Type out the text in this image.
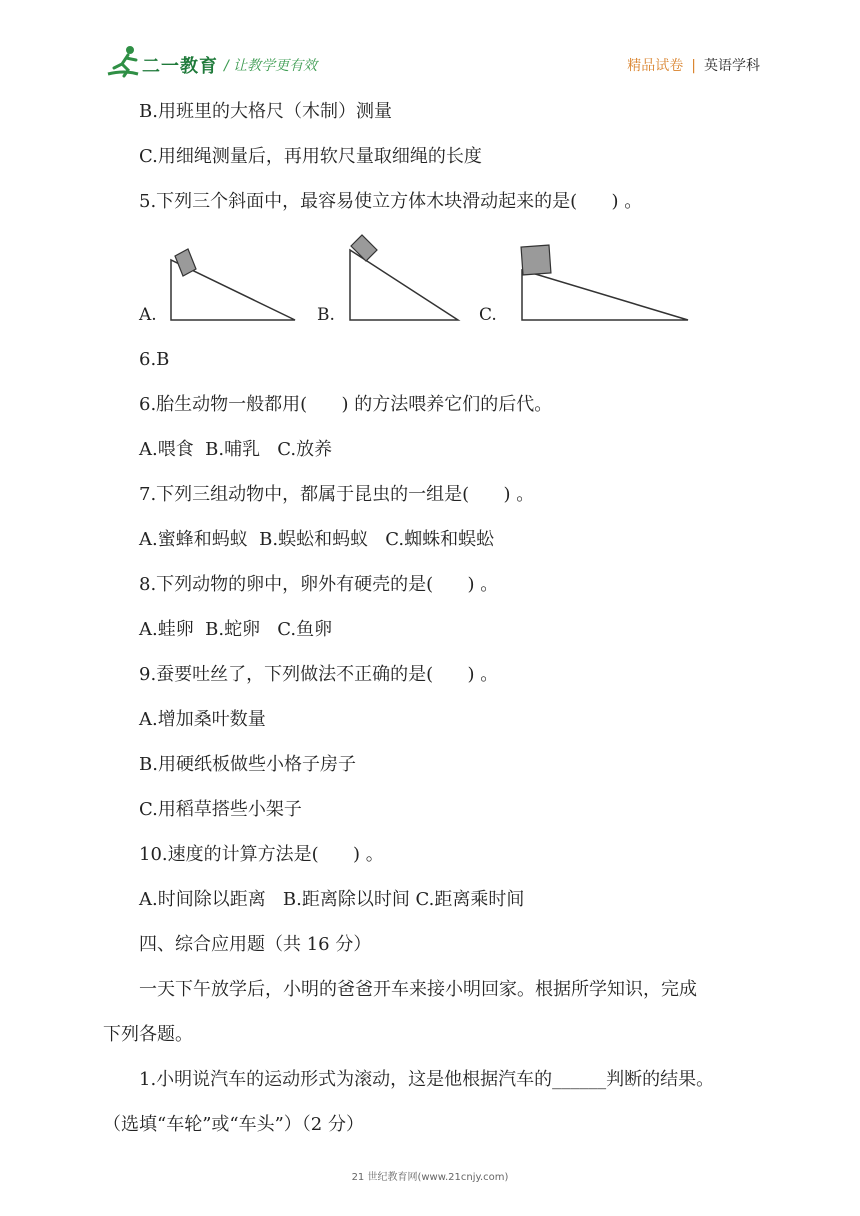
二一教育 / 让教学更有效	精品试卷 | 英语学科
B.用班里的大格尺（木制）测量
C.用细绳测量后，再用软尺量取细绳的长度
5.下列三个斜面中，最容易使立方体木块滑动起来的是(      ) 。
A.	B.	C.
6.B
6.胎生动物一般都用(      ) 的方法喂养它们的后代。
A.喂食  B.哺乳   C.放养
7.下列三组动物中，都属于昆虫的一组是(      ) 。
A.蜜蜂和蚂蚁  B.蜈蚣和蚂蚁   C.蜘蛛和蜈蚣
8.下列动物的卵中，卵外有硬壳的是(      ) 。
A.蛙卵  B.蛇卵   C.鱼卵
9.蚕要吐丝了，下列做法不正确的是(      ) 。
A.增加桑叶数量
B.用硬纸板做些小格子房子
C.用稻草搭些小架子
10.速度的计算方法是(      ) 。
A.时间除以距离   B.距离除以时间 C.距离乘时间
四、综合应用题（共 16 分）
　一天下午放学后，小明的爸爸开车来接小明回家。根据所学知识，完成
下列各题。
　1.小明说汽车的运动形式为滚动，这是他根据汽车的______判断的结果。
（选填“车轮”或“车头”）（2 分）
21 世纪教育网(www.21cnjy.com)
